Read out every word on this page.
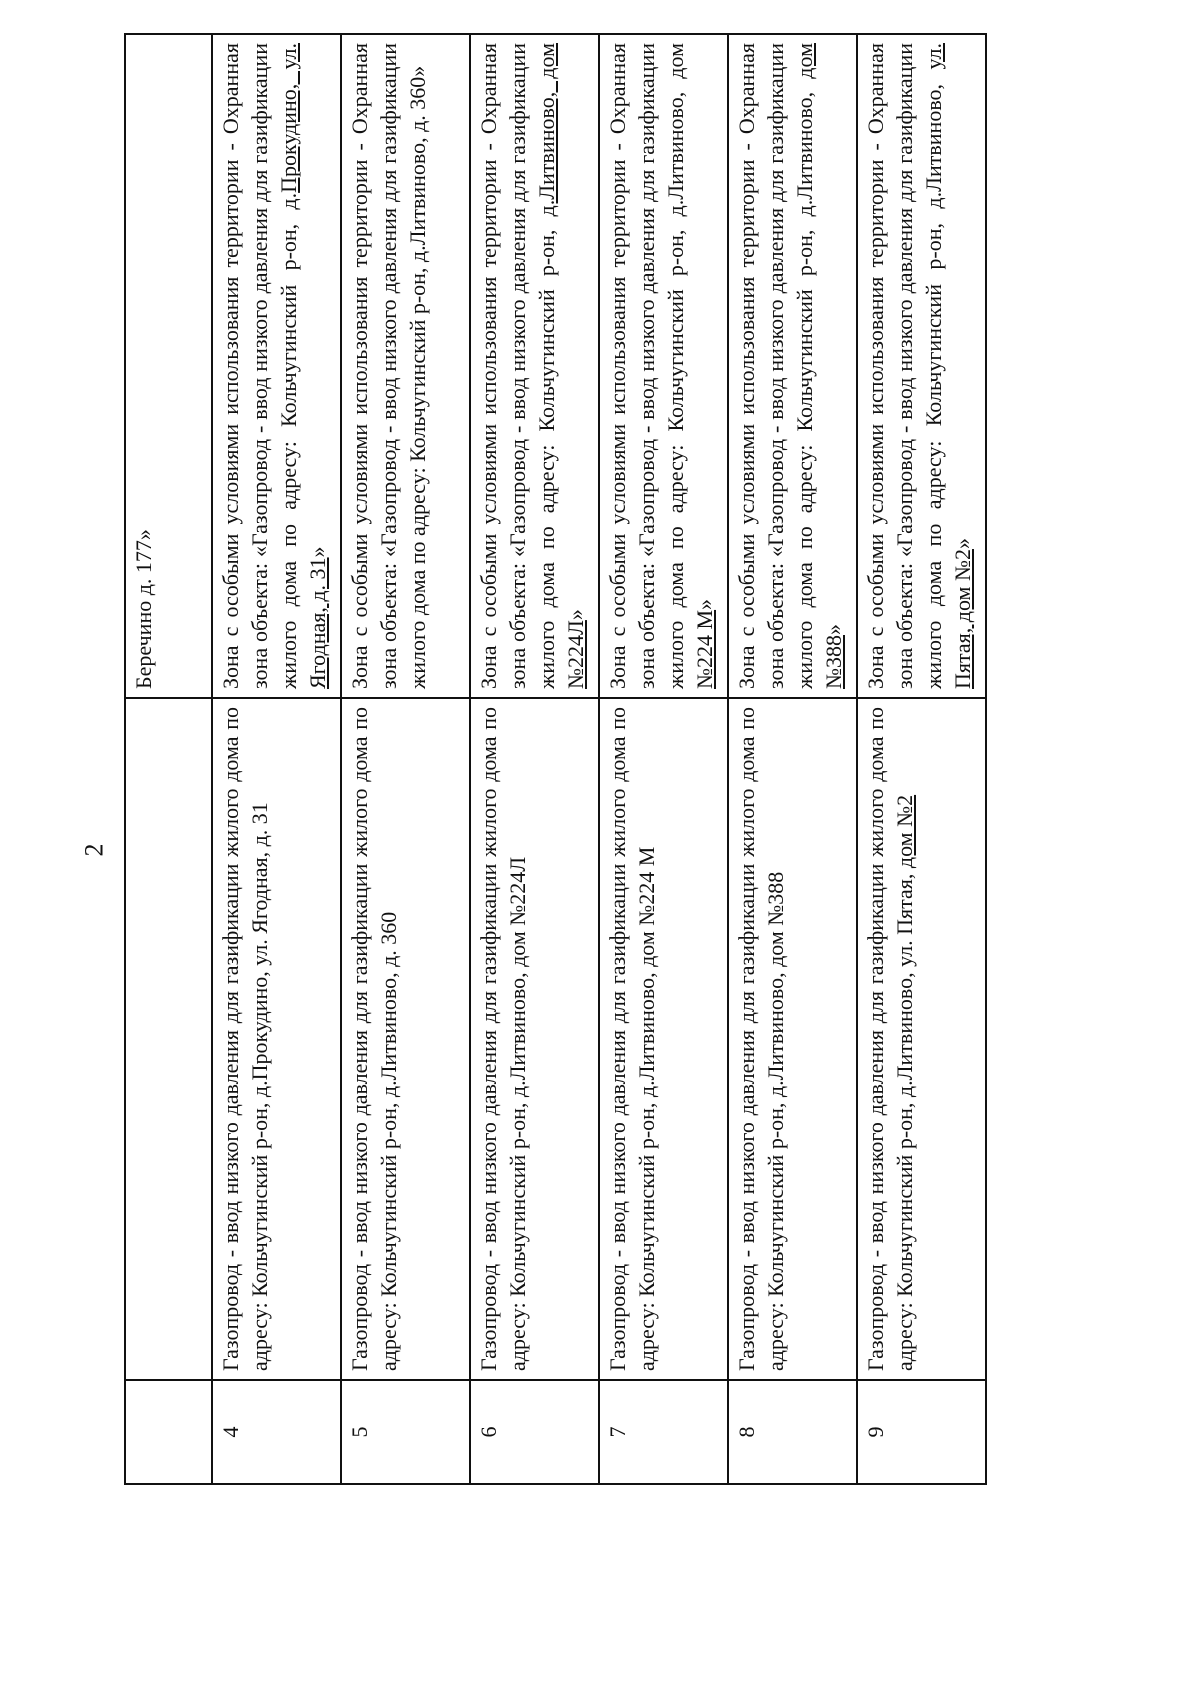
2
		Беречино д. 177»
4	Газопровод - ввод низкого давления для газификации жилого дома по адресу: Кольчугинский р-он, д.Прокудино, ул. Ягодная, д. 31	Зона с особыми условиями использования территории - Охранная зона объекта: «Газопровод - ввод низкого давления для газификации жилого дома по адресу: Кольчугинский р-он, д.Прокудино, ул. Ягодная, д. 31»
5	Газопровод - ввод низкого давления для газификации жилого дома по адресу: Кольчугинский р-он, д.Литвиново, д. 360	Зона с особыми условиями использования территории - Охранная зона объекта: «Газопровод - ввод низкого давления для газификации жилого дома по адресу: Кольчугинский р-он, д.Литвиново, д. 360»
6	Газопровод - ввод низкого давления для газификации жилого дома по адресу: Кольчугинский р-он, д.Литвиново, дом №224Л	Зона с особыми условиями использования территории - Охранная зона объекта: «Газопровод - ввод низкого давления для газификации жилого дома по адресу: Кольчугинский р-он, д.Литвиново, дом №224Л»
7	Газопровод - ввод низкого давления для газификации жилого дома по адресу: Кольчугинский р-он, д.Литвиново, дом №224 М	Зона с особыми условиями использования территории - Охранная зона объекта: «Газопровод - ввод низкого давления для газификации жилого дома по адресу: Кольчугинский р-он, д.Литвиново, дом №224 М»
8	Газопровод - ввод низкого давления для газификации жилого дома по адресу: Кольчугинский р-он, д.Литвиново, дом №388	Зона с особыми условиями использования территории - Охранная зона объекта: «Газопровод - ввод низкого давления для газификации жилого дома по адресу: Кольчугинский р-он, д.Литвиново, дом №388»
9	Газопровод - ввод низкого давления для газификации жилого дома по адресу: Кольчугинский р-он, д.Литвиново, ул. Пятая, дом №2	Зона с особыми условиями использования территории - Охранная зона объекта: «Газопровод - ввод низкого давления для газификации жилого дома по адресу: Кольчугинский р-он, д.Литвиново, ул. Пятая, дом №2»
